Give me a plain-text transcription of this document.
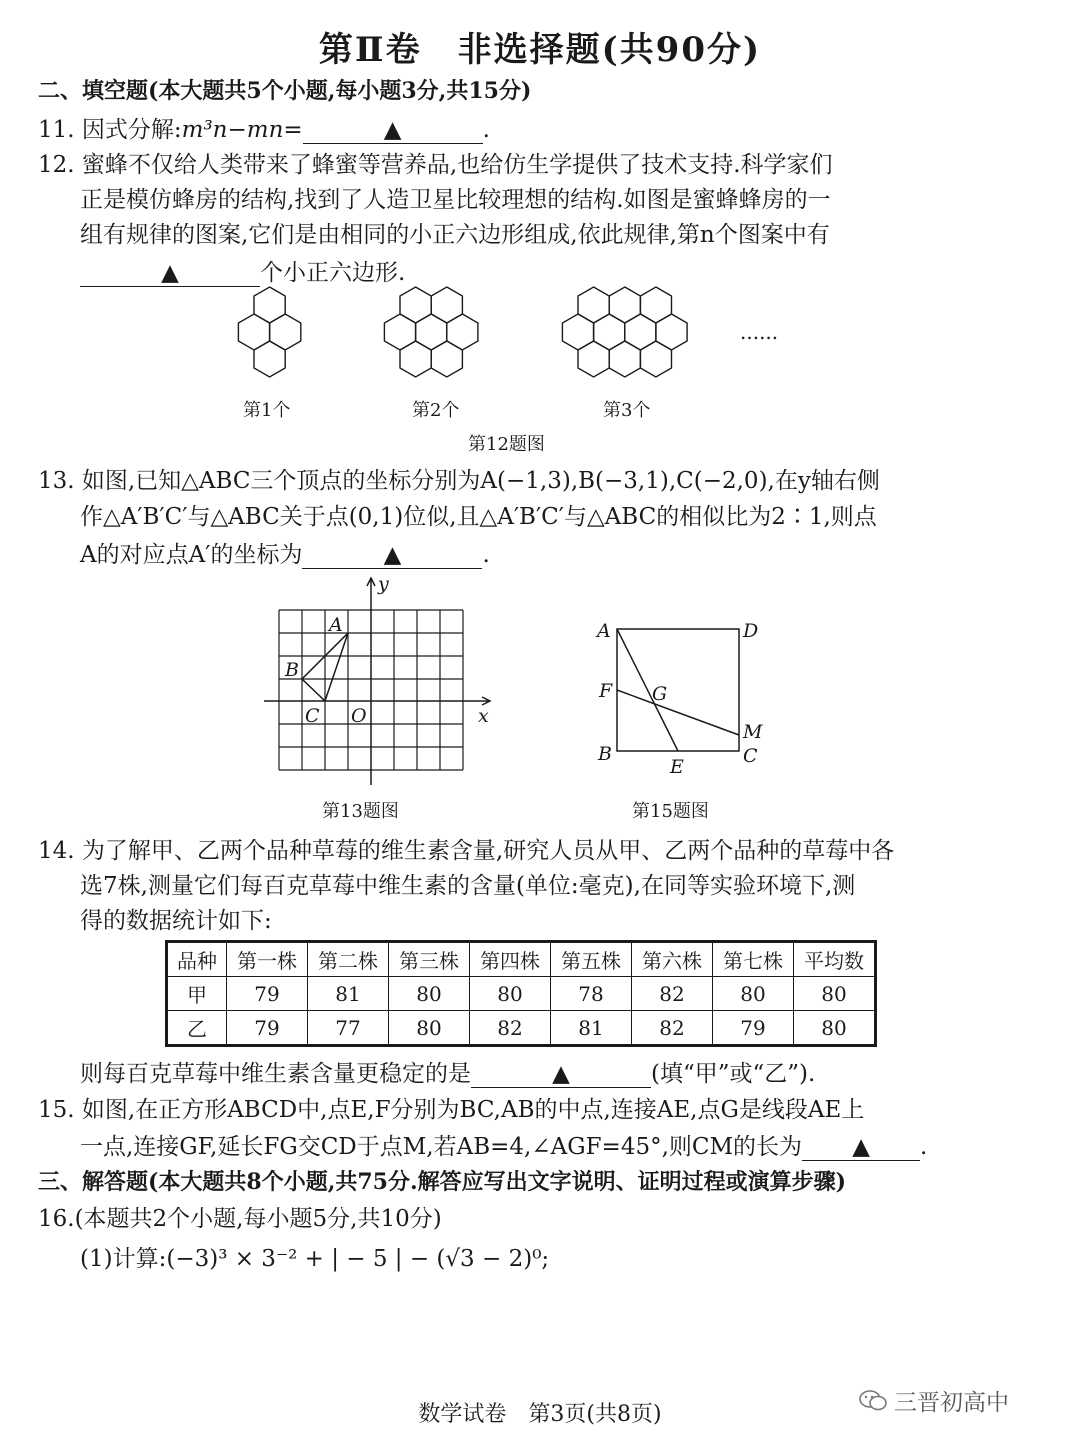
第Ⅱ卷　非选择题(共90分)
二、填空题(本大题共5个小题,每小题3分,共15分)
11. 因式分解:m³n−mn=	▲	.
12. 蜜蜂不仅给人类带来了蜂蜜等营养品,也给仿生学提供了技术支持.科学家们
正是模仿蜂房的结构,找到了人造卫星比较理想的结构.如图是蜜蜂蜂房的一
组有规律的图案,它们是由相同的小正六边形组成,依此规律,第n个图案中有
▲	个小正六边形.
第1个	第2个	第3个
......
第12题图
13. 如图,已知△ABC三个顶点的坐标分别为A(−1,3),B(−3,1),C(−2,0),在y轴右侧
作△A′B′C′与△ABC关于点(0,1)位似,且△A′B′C′与△ABC的相似比为2∶1,则点
A的对应点A′的坐标为	▲	.
A
B
C O	x
y
第13题图
A	D
F G
M
B	C
E
第15题图
14. 为了解甲、乙两个品种草莓的维生素含量,研究人员从甲、乙两个品种的草莓中各
选7株,测量它们每百克草莓中维生素的含量(单位:毫克),在同等实验环境下,测
得的数据统计如下:
品种	第一株	第二株	第三株	第四株	第五株	第六株	第七株	平均数
甲	79	81	80	80	78	82	80	80
乙	79	77	80	82	81	82	79	80
则每百克草莓中维生素含量更稳定的是	▲	(填“甲”或“乙”).
15. 如图,在正方形ABCD中,点E,F分别为BC,AB的中点,连接AE,点G是线段AE上
一点,连接GF,延长FG交CD于点M,若AB=4,∠AGF=45°,则CM的长为 ▲ .
三、解答题(本大题共8个小题,共75分.解答应写出文字说明、证明过程或演算步骤)
16.(本题共2个小题,每小题5分,共10分)
(1)计算:(−3)³ × 3⁻² + | − 5 | − (√3 − 2)⁰;
数学试卷　第3页(共8页)	三晋初高中
